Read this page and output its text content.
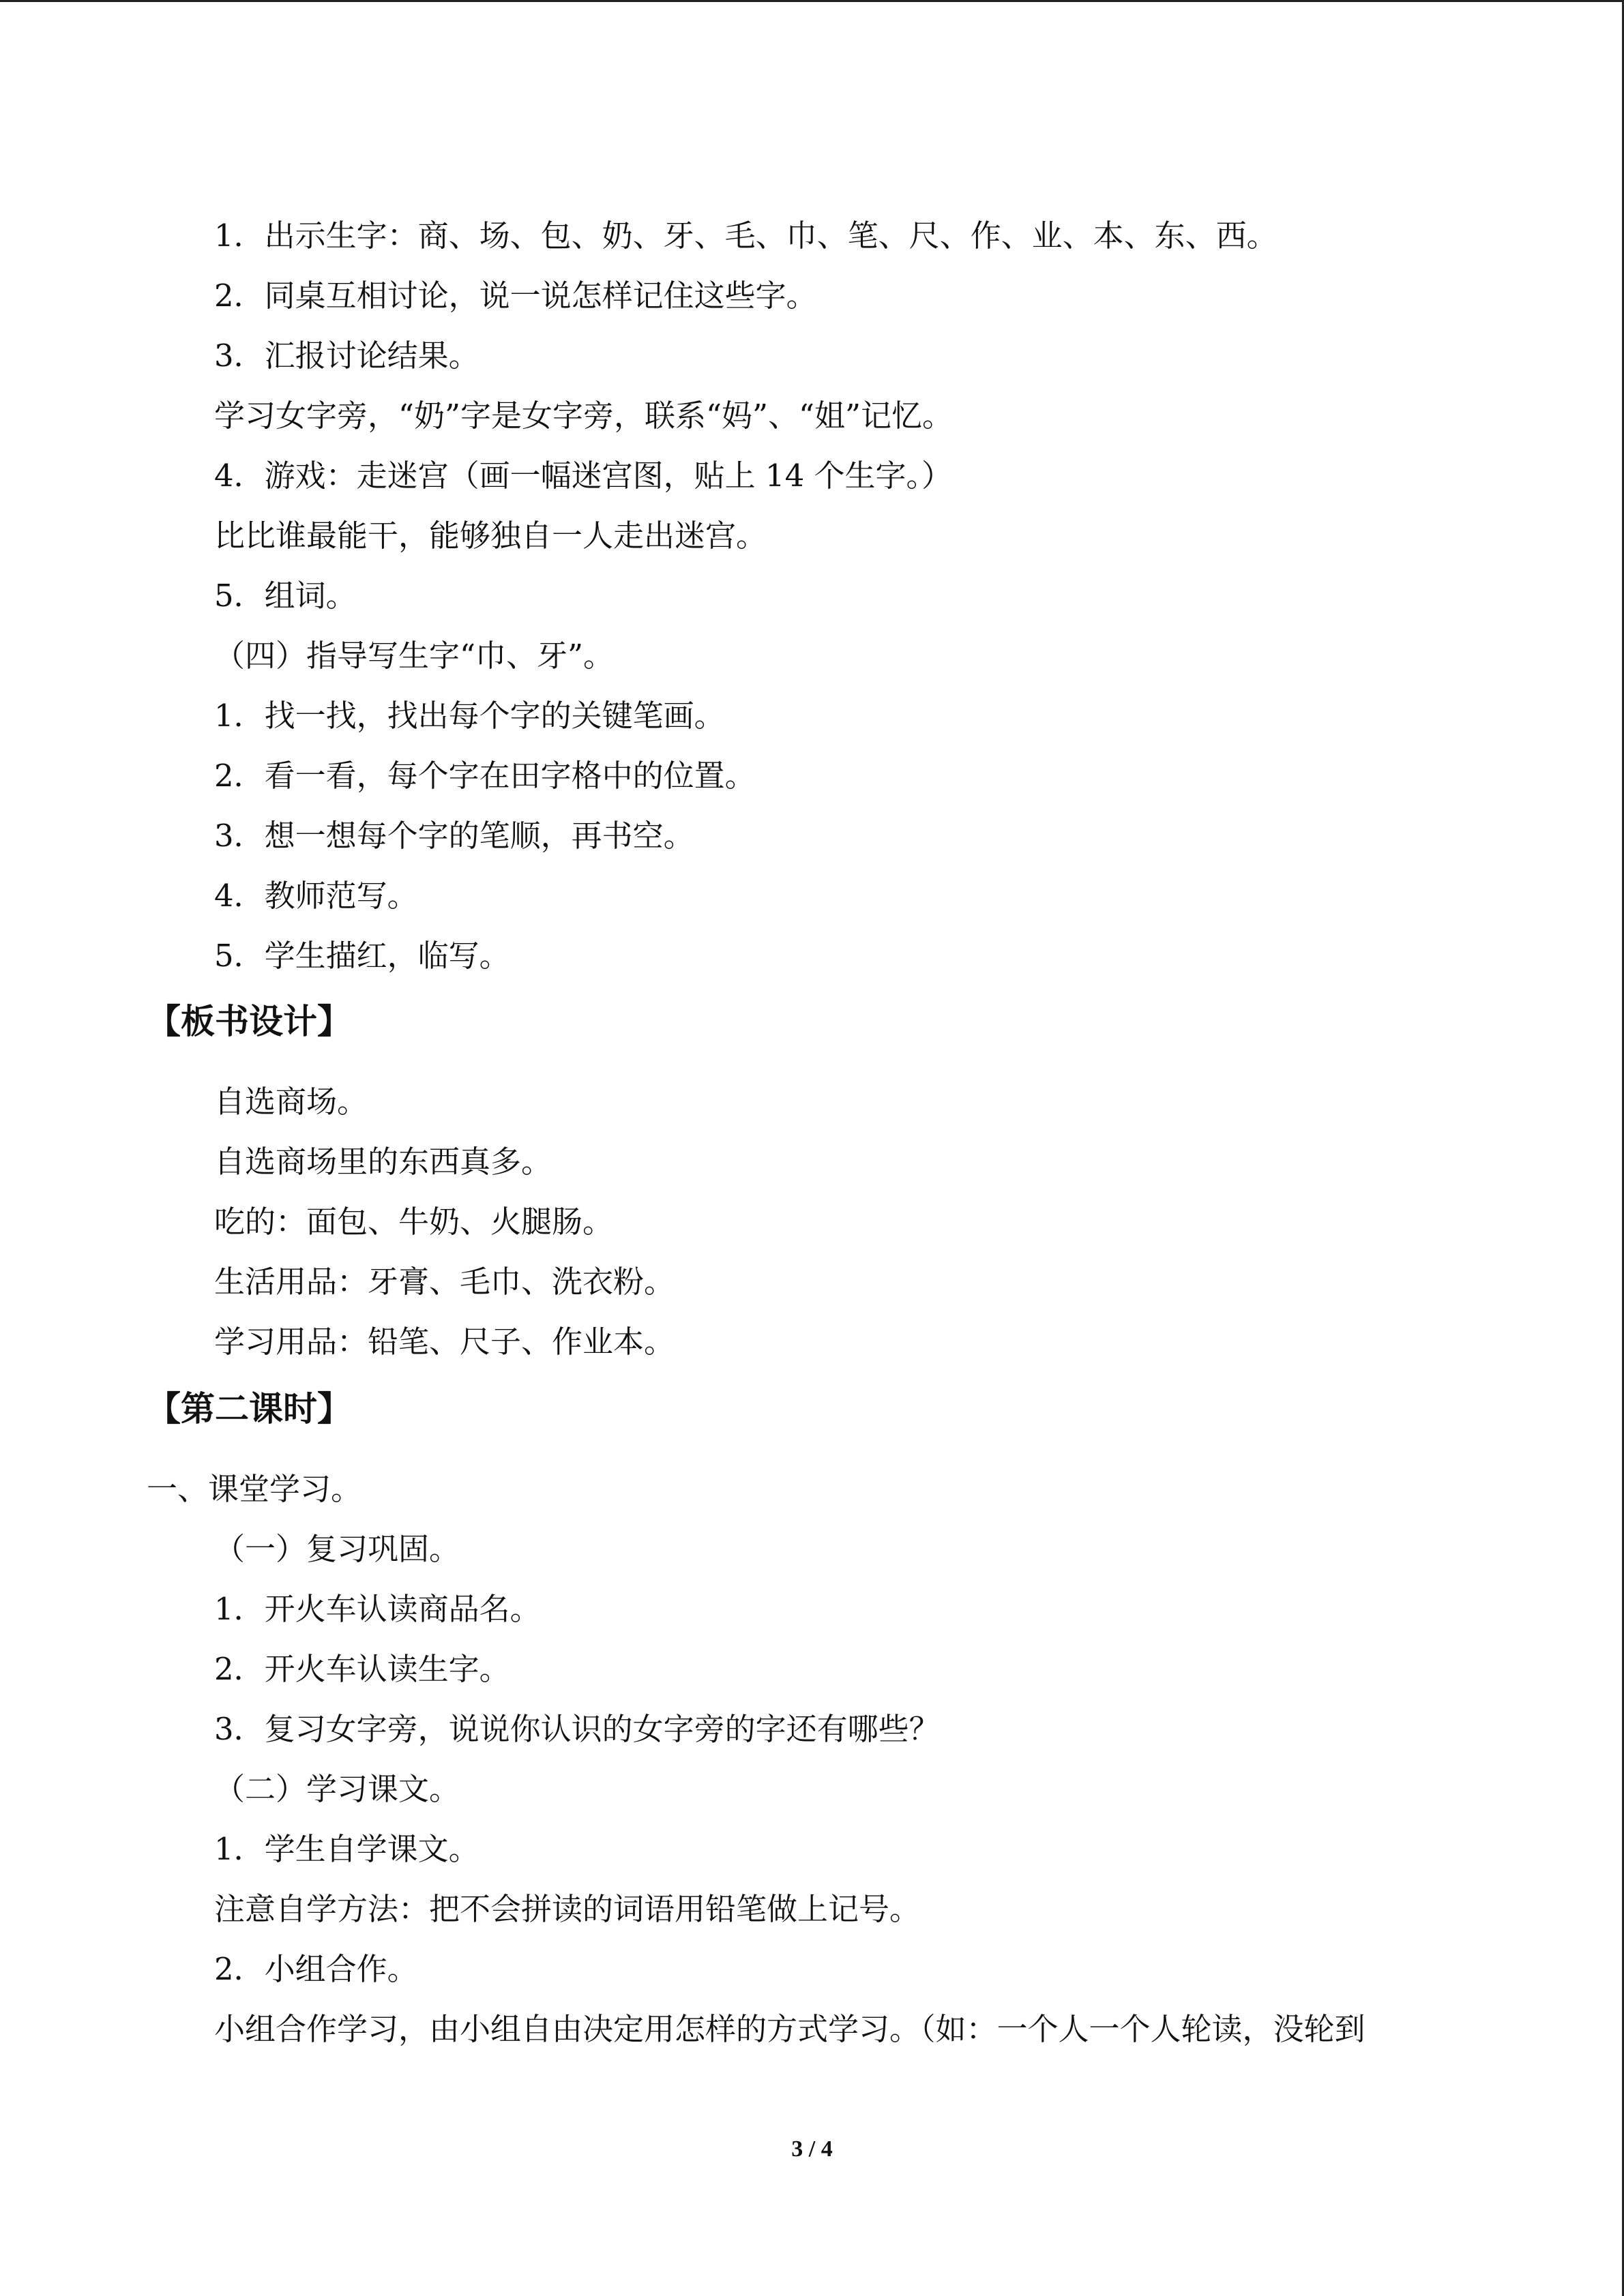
1．出示生字：商、场、包、奶、牙、毛、巾、笔、尺、作、业、本、东、西。
2．同桌互相讨论，说一说怎样记住这些字。
3．汇报讨论结果。
学习女字旁，“奶”字是女字旁，联系“妈”、“姐”记忆。
4．游戏：走迷宫（画一幅迷宫图，贴上 14 个生字。）
比比谁最能干，能够独自一人走出迷宫。
5．组词。
（四）指导写生字“巾、牙”。
1．找一找，找出每个字的关键笔画。
2．看一看，每个字在田字格中的位置。
3．想一想每个字的笔顺，再书空。
4．教师范写。
5．学生描红，临写。
【板书设计】
自选商场。
自选商场里的东西真多。
吃的：面包、牛奶、火腿肠。
生活用品：牙膏、毛巾、洗衣粉。
学习用品：铅笔、尺子、作业本。
【第二课时】
一、课堂学习。
（一）复习巩固。
1．开火车认读商品名。
2．开火车认读生字。
3．复习女字旁，说说你认识的女字旁的字还有哪些？
（二）学习课文。
1．学生自学课文。
注意自学方法：把不会拼读的词语用铅笔做上记号。
2．小组合作。
小组合作学习，由小组自由决定用怎样的方式学习。（如：一个人一个人轮读，没轮到
3 / 4
